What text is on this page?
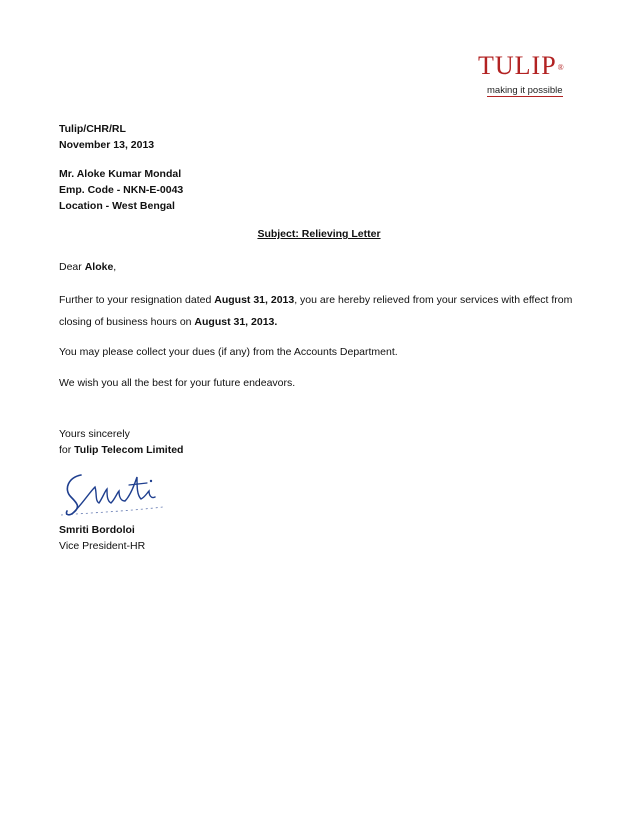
TULIP®
making it possible
Tulip/CHR/RL
November 13, 2013
Mr. Aloke Kumar Mondal
Emp. Code - NKN-E-0043
Location - West Bengal
Subject: Relieving Letter
Dear Aloke,
Further to your resignation dated August 31, 2013, you are hereby relieved from your services with effect from closing of business hours on August 31, 2013.
You may please collect your dues (if any) from the Accounts Department.
We wish you all the best for your future endeavors.
Yours sincerely
for Tulip Telecom Limited
Smriti Bordoloi
Vice President-HR
